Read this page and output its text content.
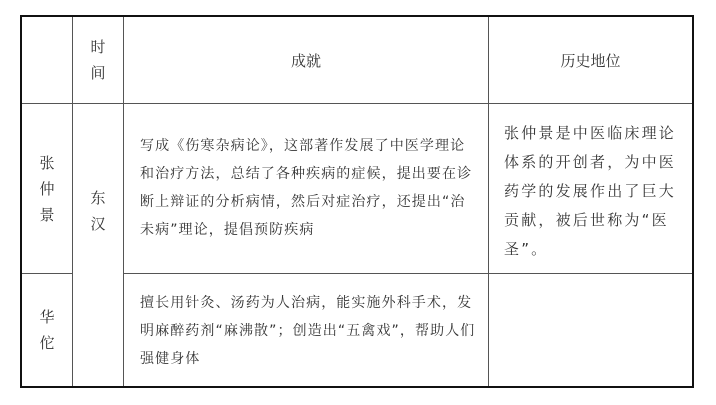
时间
成就	历史地位
张仲景
东汉
写成《伤寒杂病论》，这部著作发展了中医学理论和治疗方法，总结了各种疾病的症候，提出要在诊断上辩证的分析病情，然后对症治疗，还提出“治未病”理论，提倡预防疾病
张仲景是中医临床理论体系的开创者，为中医药学的发展作出了巨大贡献，被后世称为“医圣”。
华佗
擅长用针灸、汤药为人治病，能实施外科手术，发明麻醉药剂“麻沸散”；创造出“五禽戏”，帮助人们强健身体
